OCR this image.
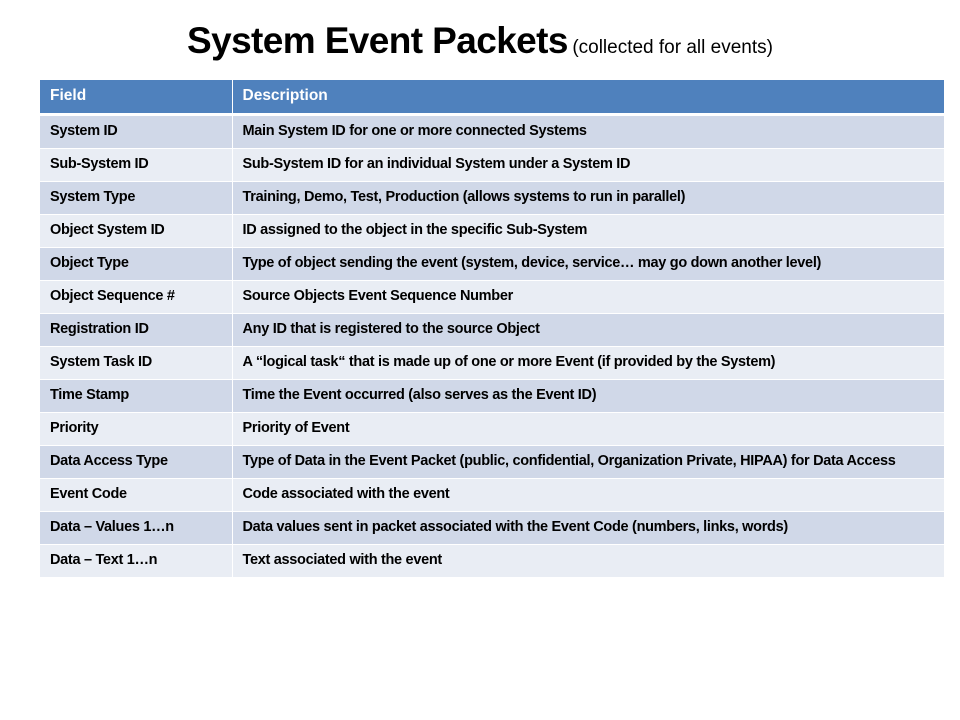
System Event Packets (collected for all events)
Field	Description
System ID	Main System ID for one or more connected Systems
Sub-System ID	Sub-System ID for an individual System under a System ID
System Type	Training, Demo, Test, Production (allows systems to run in parallel)
Object System ID	ID assigned to the object in the specific Sub-System
Object Type	Type of object sending the event (system, device, service… may go down another level)
Object Sequence #	Source Objects Event Sequence Number
Registration ID	Any ID that is registered to the source Object
System Task ID	A “logical task“ that is made up of one or more Event (if provided by the System)
Time Stamp	Time the Event occurred (also serves as the Event ID)
Priority	Priority of Event
Data Access Type	Type of Data in the Event Packet (public, confidential, Organization Private, HIPAA) for Data Access
Event Code	Code associated with the event
Data – Values 1…n	Data values sent in packet associated with the Event Code (numbers, links, words)
Data – Text 1…n	Text associated with the event
